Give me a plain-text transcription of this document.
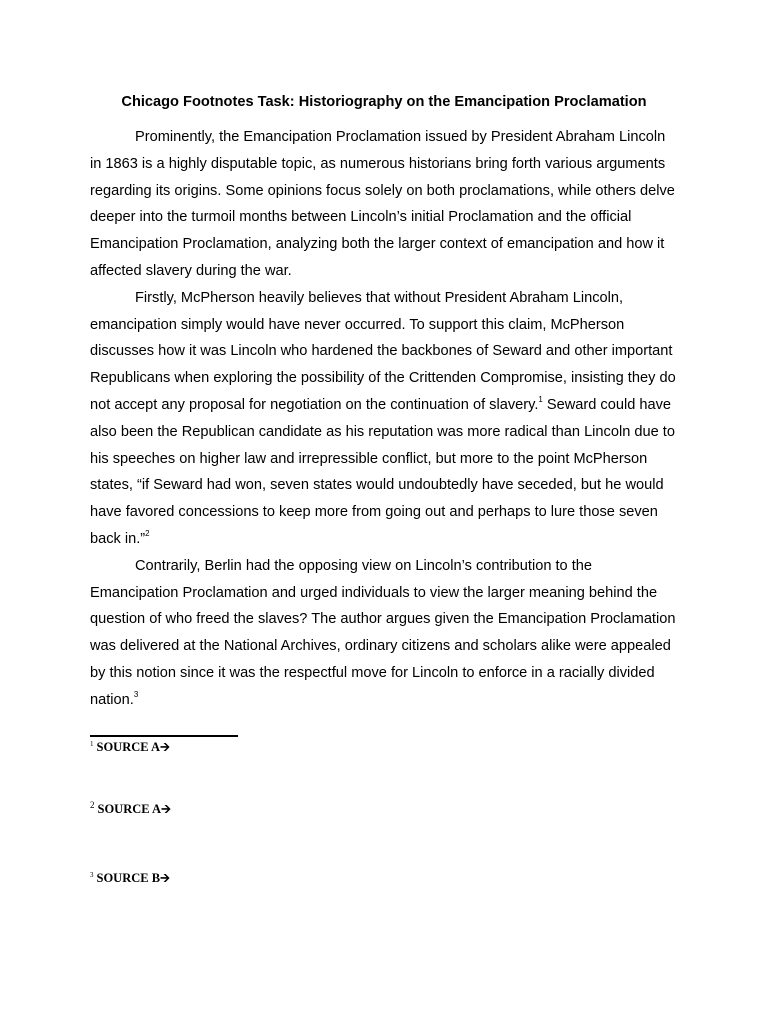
Chicago Footnotes Task: Historiography on the Emancipation Proclamation

Prominently, the Emancipation Proclamation issued by President Abraham Lincoln in 1863 is a highly disputable topic, as numerous historians bring forth various arguments regarding its origins. Some opinions focus solely on both proclamations, while others delve deeper into the turmoil months between Lincoln’s initial Proclamation and the official Emancipation Proclamation, analyzing both the larger context of emancipation and how it affected slavery during the war.

Firstly, McPherson heavily believes that without President Abraham Lincoln, emancipation simply would have never occurred. To support this claim, McPherson discusses how it was Lincoln who hardened the backbones of Seward and other important Republicans when exploring the possibility of the Crittenden Compromise, insisting they do not accept any proposal for negotiation on the continuation of slavery.$^1$ Seward could have also been the Republican candidate as his reputation was more radical than Lincoln due to his speeches on higher law and irrepressible conflict, but more to the point McPherson states, “if Seward had won, seven states would undoubtedly have seceded, but he would have favored concessions to keep more from going out and perhaps to lure those seven back in.”$^2$

Contrarily, Berlin had the opposing view on Lincoln’s contribution to the Emancipation Proclamation and urged individuals to view the larger meaning behind the question of who freed the slaves? The author argues given the Emancipation Proclamation was delivered at the National Archives, ordinary citizens and scholars alike were appealed by this notion since it was the respectful move for Lincoln to enforce in a racially divided nation.$^3$

$^1$ SOURCE A🡪
$^2$ SOURCE A🡪
$^3$ SOURCE B🡪
